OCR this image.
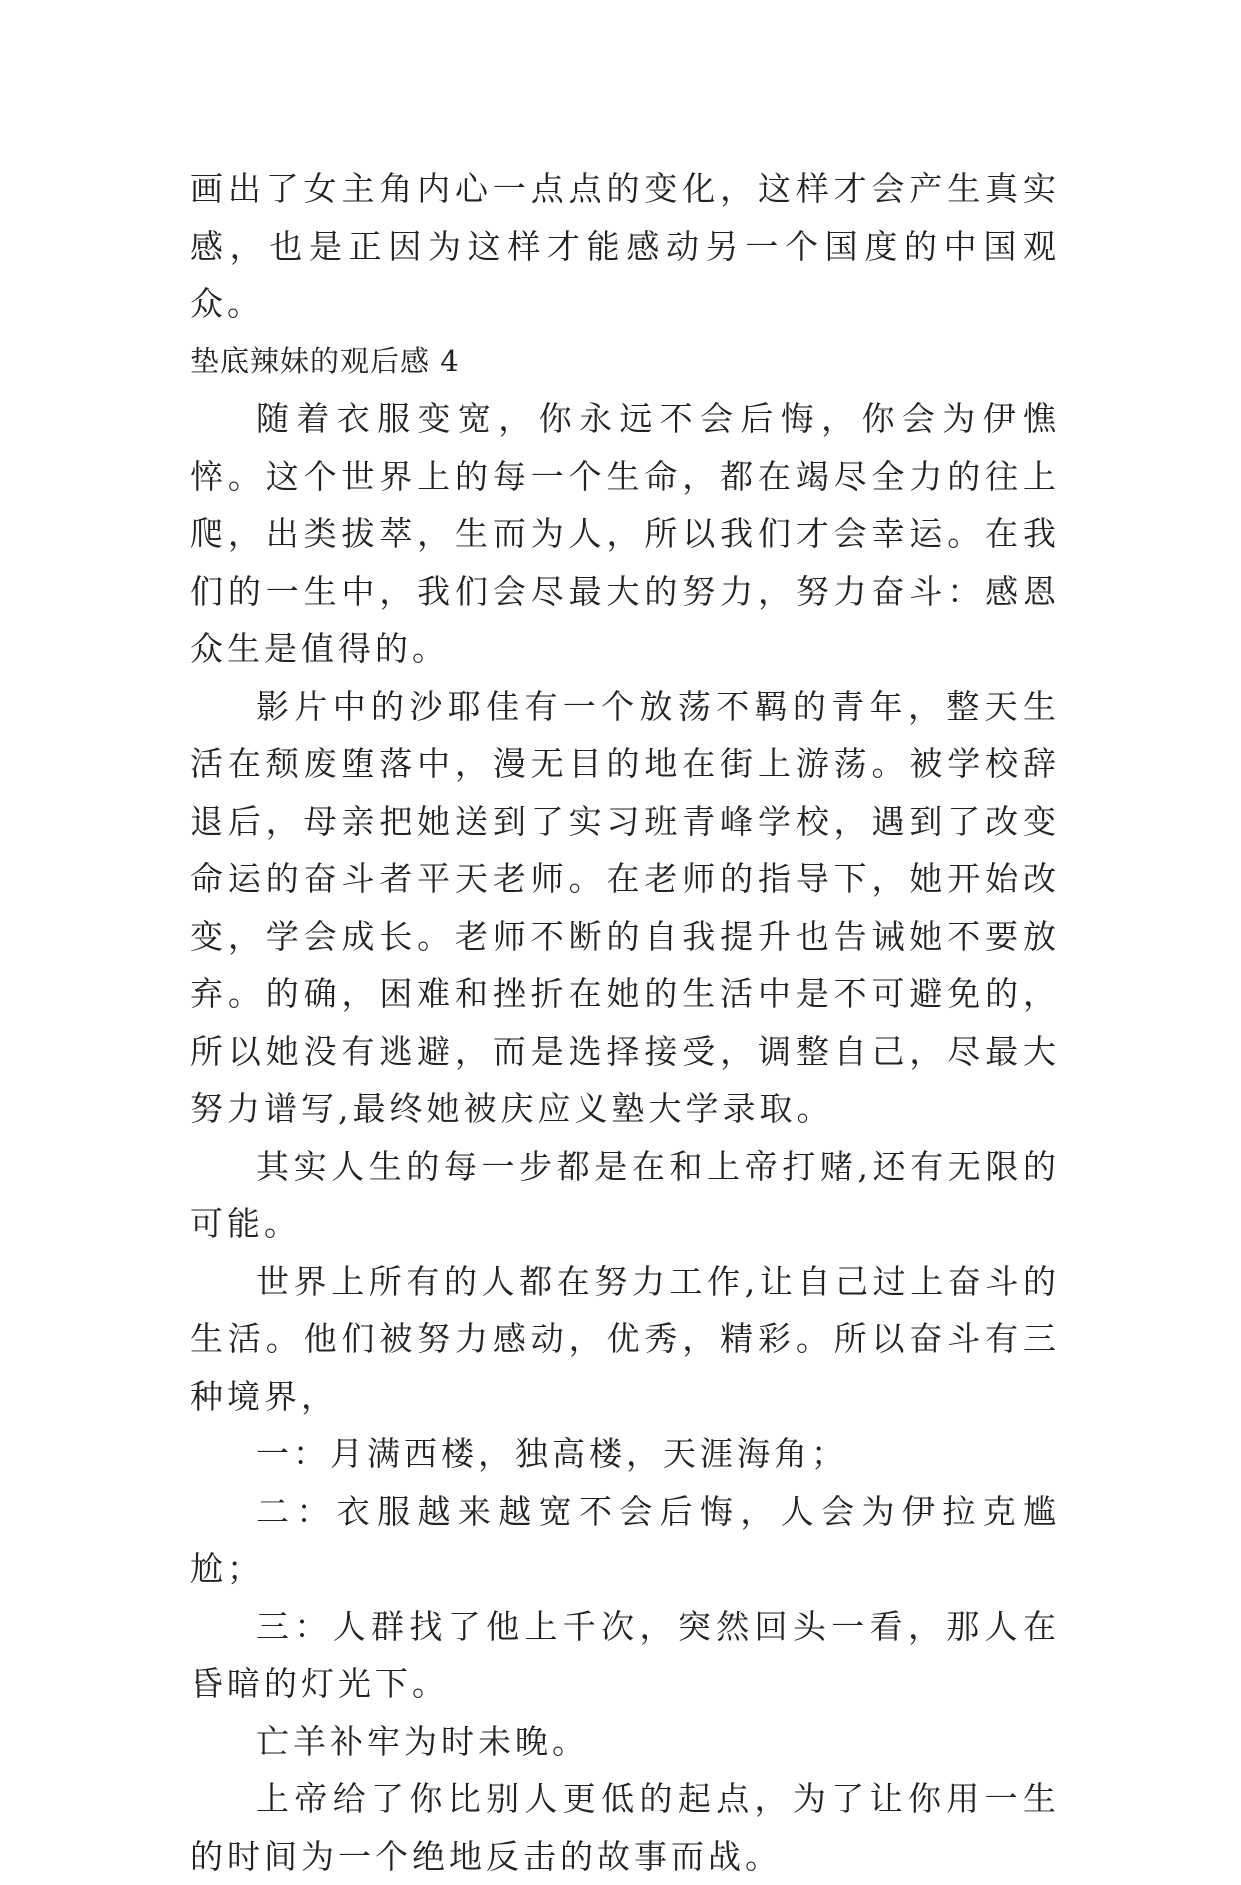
画出了女主角内心一点点的变化，这样才会产生真实感，也是正因为这样才能感动另一个国度的中国观众。

垫底辣妹的观后感 4

随着衣服变宽，你永远不会后悔，你会为伊憔悴。这个世界上的每一个生命，都在竭尽全力的往上爬，出类拔萃，生而为人，所以我们才会幸运。在我们的一生中，我们会尽最大的努力，努力奋斗：感恩众生是值得的。

影片中的沙耶佳有一个放荡不羁的青年，整天生活在颓废堕落中，漫无目的地在街上游荡。被学校辞退后，母亲把她送到了实习班青峰学校，遇到了改变命运的奋斗者平天老师。在老师的指导下，她开始改变，学会成长。老师不断的自我提升也告诫她不要放弃。的确，困难和挫折在她的生活中是不可避免的，所以她没有逃避，而是选择接受，调整自己，尽最大努力谱写,最终她被庆应义塾大学录取。

其实人生的每一步都是在和上帝打赌,还有无限的可能。

世界上所有的人都在努力工作,让自己过上奋斗的生活。他们被努力感动，优秀，精彩。所以奋斗有三种境界，

一：月满西楼，独高楼，天涯海角；

二：衣服越来越宽不会后悔，人会为伊拉克尴尬；

三：人群找了他上千次，突然回头一看，那人在昏暗的灯光下。

亡羊补牢为时未晚。

上帝给了你比别人更低的起点，为了让你用一生的时间为一个绝地反击的故事而战。
